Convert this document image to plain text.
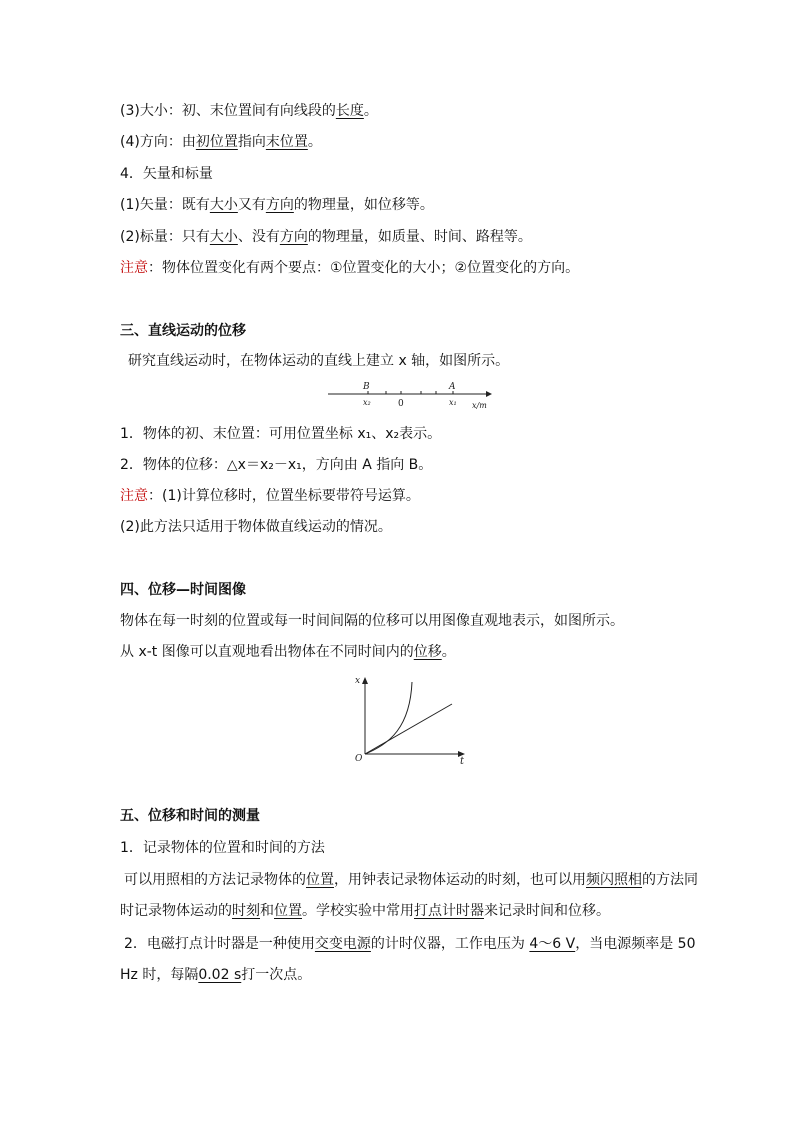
(3)大小：初、末位置间有向线段的长度。
(4)方向：由初位置指向末位置。
4．矢量和标量
(1)矢量：既有大小又有方向的物理量，如位移等。
(2)标量：只有大小、没有方向的物理量，如质量、时间、路程等。
注意：物体位置变化有两个要点：①位置变化的大小；②位置变化的方向。
三、直线运动的位移
研究直线运动时，在物体运动的直线上建立 x 轴，如图所示。
B	A
x₂	0	x₁ x/m
1．物体的初、末位置：可用位置坐标 x₁、x₂表示。
2．物体的位移：△x＝x₂－x₁，方向由 A 指向 B。
注意：(1)计算位移时，位置坐标要带符号运算。
(2)此方法只适用于物体做直线运动的情况。
四、位移—时间图像
物体在每一时刻的位置或每一时间间隔的位移可以用图像直观地表示，如图所示。
从 x-t 图像可以直观地看出物体在不同时间内的位移。
x
t
O
五、位移和时间的测量
1．记录物体的位置和时间的方法
可以用照相的方法记录物体的位置，用钟表记录物体运动的时刻，也可以用频闪照相的方法同
时记录物体运动的时刻和位置。学校实验中常用打点计时器来记录时间和位移。
2．电磁打点计时器是一种使用交变电源的计时仪器，工作电压为 4～6 V，当电源频率是 50
Hz 时，每隔0.02 s打一次点。
